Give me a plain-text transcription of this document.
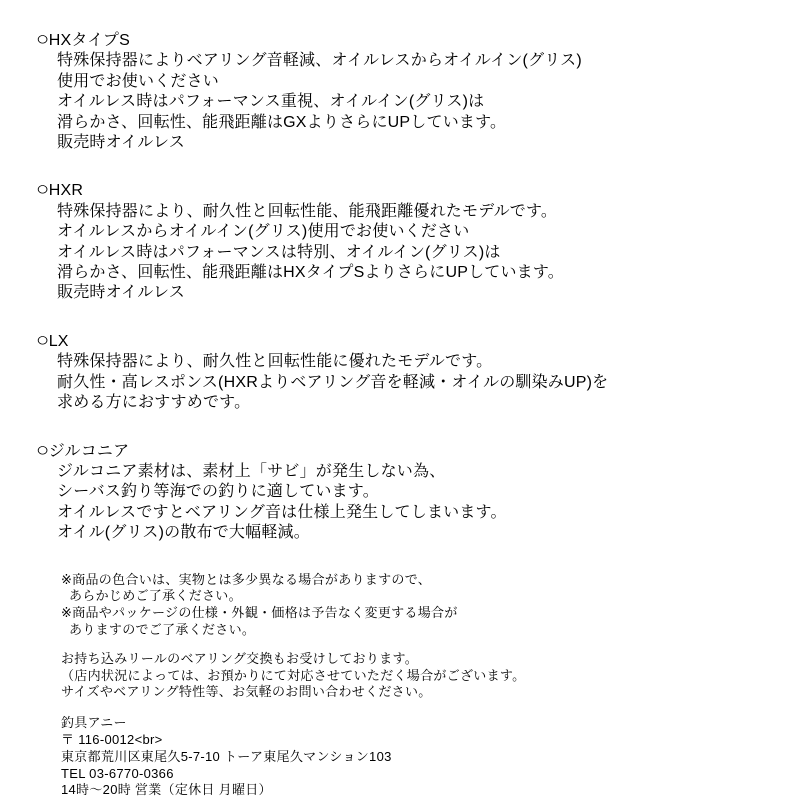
○HXタイプS
特殊保持器によりベアリング音軽減、オイルレスからオイルイン(グリス)
使用でお使いください
オイルレス時はパフォーマンス重視、オイルイン(グリス)は
滑らかさ、回転性、能飛距離はGXよりさらにUPしています。
販売時オイルレス
○HXR
特殊保持器により、耐久性と回転性能、能飛距離優れたモデルです。
オイルレスからオイルイン(グリス)使用でお使いください
オイルレス時はパフォーマンスは特別、オイルイン(グリス)は
滑らかさ、回転性、能飛距離はHXタイプSよりさらにUPしています。
販売時オイルレス
○LX
特殊保持器により、耐久性と回転性能に優れたモデルです。
耐久性・高レスポンス(HXRよりベアリング音を軽減・オイルの馴染みUP)を
求める方におすすめです。
○ジルコニア
ジルコニア素材は、素材上「サビ」が発生しない為、
シーバス釣り等海での釣りに適しています。
オイルレスですとベアリング音は仕様上発生してしまいます。
オイル(グリス)の散布で大幅軽減。
※商品の色合いは、実物とは多少異なる場合がありますので、
あらかじめご了承ください。
※商品やパッケージの仕様・外観・価格は予告なく変更する場合が
ありますのでご了承ください。
お持ち込みリールのベアリング交換もお受けしております。
（店内状況によっては、お預かりにて対応させていただく場合がございます。
サイズやベアリング特性等、お気軽のお問い合わせください。
釣具アニー
〒 116-0012<br>
東京都荒川区東尾久5-7-10 トーア東尾久マンション103
TEL 03-6770-0366
14時～20時 営業（定休日 月曜日）
